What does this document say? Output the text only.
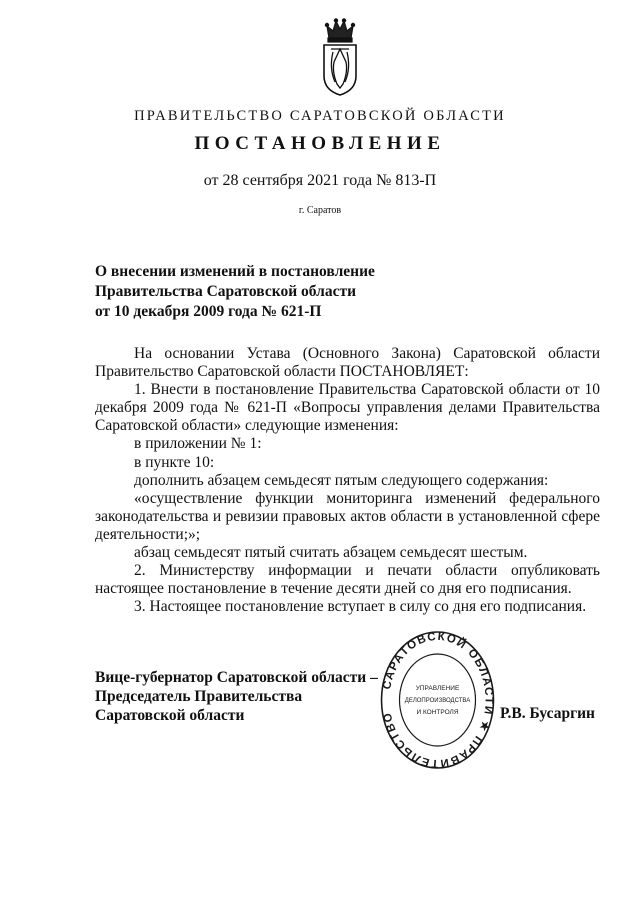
ПРАВИТЕЛЬСТВО САРАТОВСКОЙ ОБЛАСТИ
ПОСТАНОВЛЕНИЕ
от 28 сентября 2021 года № 813-П
г. Саратов
О внесении изменений в постановление
Правительства Саратовской области
от 10 декабря 2009 года № 621-П
На основании Устава (Основного Закона) Саратовской области Правительство Саратовской области ПОСТАНОВЛЯЕТ:
1. Внести в постановление Правительства Саратовской области от 10 декабря 2009 года № 621-П «Вопросы управления делами Правительства Саратовской области» следующие изменения:
в приложении № 1:
в пункте 10:
дополнить абзацем семьдесят пятым следующего содержания:
«осуществление функции мониторинга изменений федерального законодательства и ревизии правовых актов области в установленной сфере деятельности;»;
абзац семьдесят пятый считать абзацем семьдесят шестым.
2. Министерству информации и печати области опубликовать настоящее постановление в течение десяти дней со дня его подписания.
3. Настоящее постановление вступает в силу со дня его подписания.
Вице-губернатор Саратовской области –
Председатель Правительства
Саратовской области
САРАТОВСКОЙ ОБЛАСТИ ★ ПРАВИТЕЛЬСТВО
УПРАВЛЕНИЕ
ДЕЛОПРОИЗВОДСТВА
И КОНТРОЛЯ	Р.В. Бусаргин
